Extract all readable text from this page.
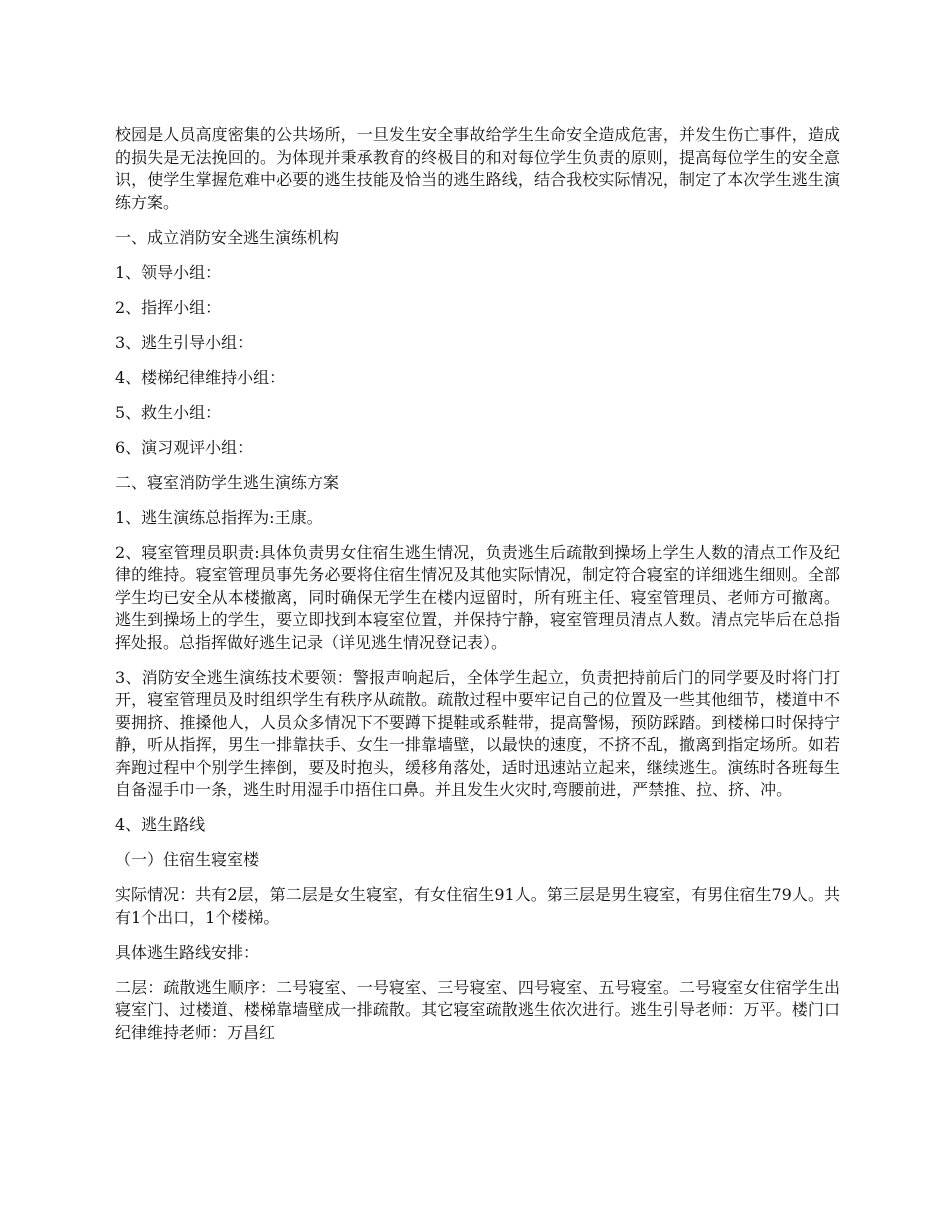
校园是人员高度密集的公共场所，一旦发生安全事故给学生生命安全造成危害，并发生伤亡事件，造成的损失是无法挽回的。为体现并秉承教育的终极目的和对每位学生负责的原则，提高每位学生的安全意识，使学生掌握危难中必要的逃生技能及恰当的逃生路线，结合我校实际情况，制定了本次学生逃生演练方案。

一、成立消防安全逃生演练机构

1、领导小组：

2、指挥小组：

3、逃生引导小组：

4、楼梯纪律维持小组：

5、救生小组：

6、演习观评小组：

二、寝室消防学生逃生演练方案

1、逃生演练总指挥为:王康。

2、寝室管理员职责:具体负责男女住宿生逃生情况，负责逃生后疏散到操场上学生人数的清点工作及纪律的维持。寝室管理员事先务必要将住宿生情况及其他实际情况，制定符合寝室的详细逃生细则。全部学生均已安全从本楼撤离，同时确保无学生在楼内逗留时，所有班主任、寝室管理员、老师方可撤离。逃生到操场上的学生，要立即找到本寝室位置，并保持宁静，寝室管理员清点人数。清点完毕后在总指挥处报。总指挥做好逃生记录（详见逃生情况登记表）。

3、消防安全逃生演练技术要领：警报声响起后，全体学生起立，负责把持前后门的同学要及时将门打开，寝室管理员及时组织学生有秩序从疏散。疏散过程中要牢记自己的位置及一些其他细节，楼道中不要拥挤、推搡他人，人员众多情况下不要蹲下提鞋或系鞋带，提高警惕，预防踩踏。到楼梯口时保持宁静，听从指挥，男生一排靠扶手、女生一排靠墙壁，以最快的速度，不挤不乱，撤离到指定场所。如若奔跑过程中个别学生摔倒，要及时抱头，缓移角落处，适时迅速站立起来，继续逃生。演练时各班每生自备湿手巾一条，逃生时用湿手巾捂住口鼻。并且发生火灾时,弯腰前进，严禁推、拉、挤、冲。

4、逃生路线

（一）住宿生寝室楼

实际情况：共有2层，第二层是女生寝室，有女住宿生91人。第三层是男生寝室，有男住宿生79人。共有1个出口，1个楼梯。

具体逃生路线安排：

二层：疏散逃生顺序：二号寝室、一号寝室、三号寝室、四号寝室、五号寝室。二号寝室女住宿学生出寝室门、过楼道、楼梯靠墙壁成一排疏散。其它寝室疏散逃生依次进行。逃生引导老师：万平。楼门口纪律维持老师：万昌红
